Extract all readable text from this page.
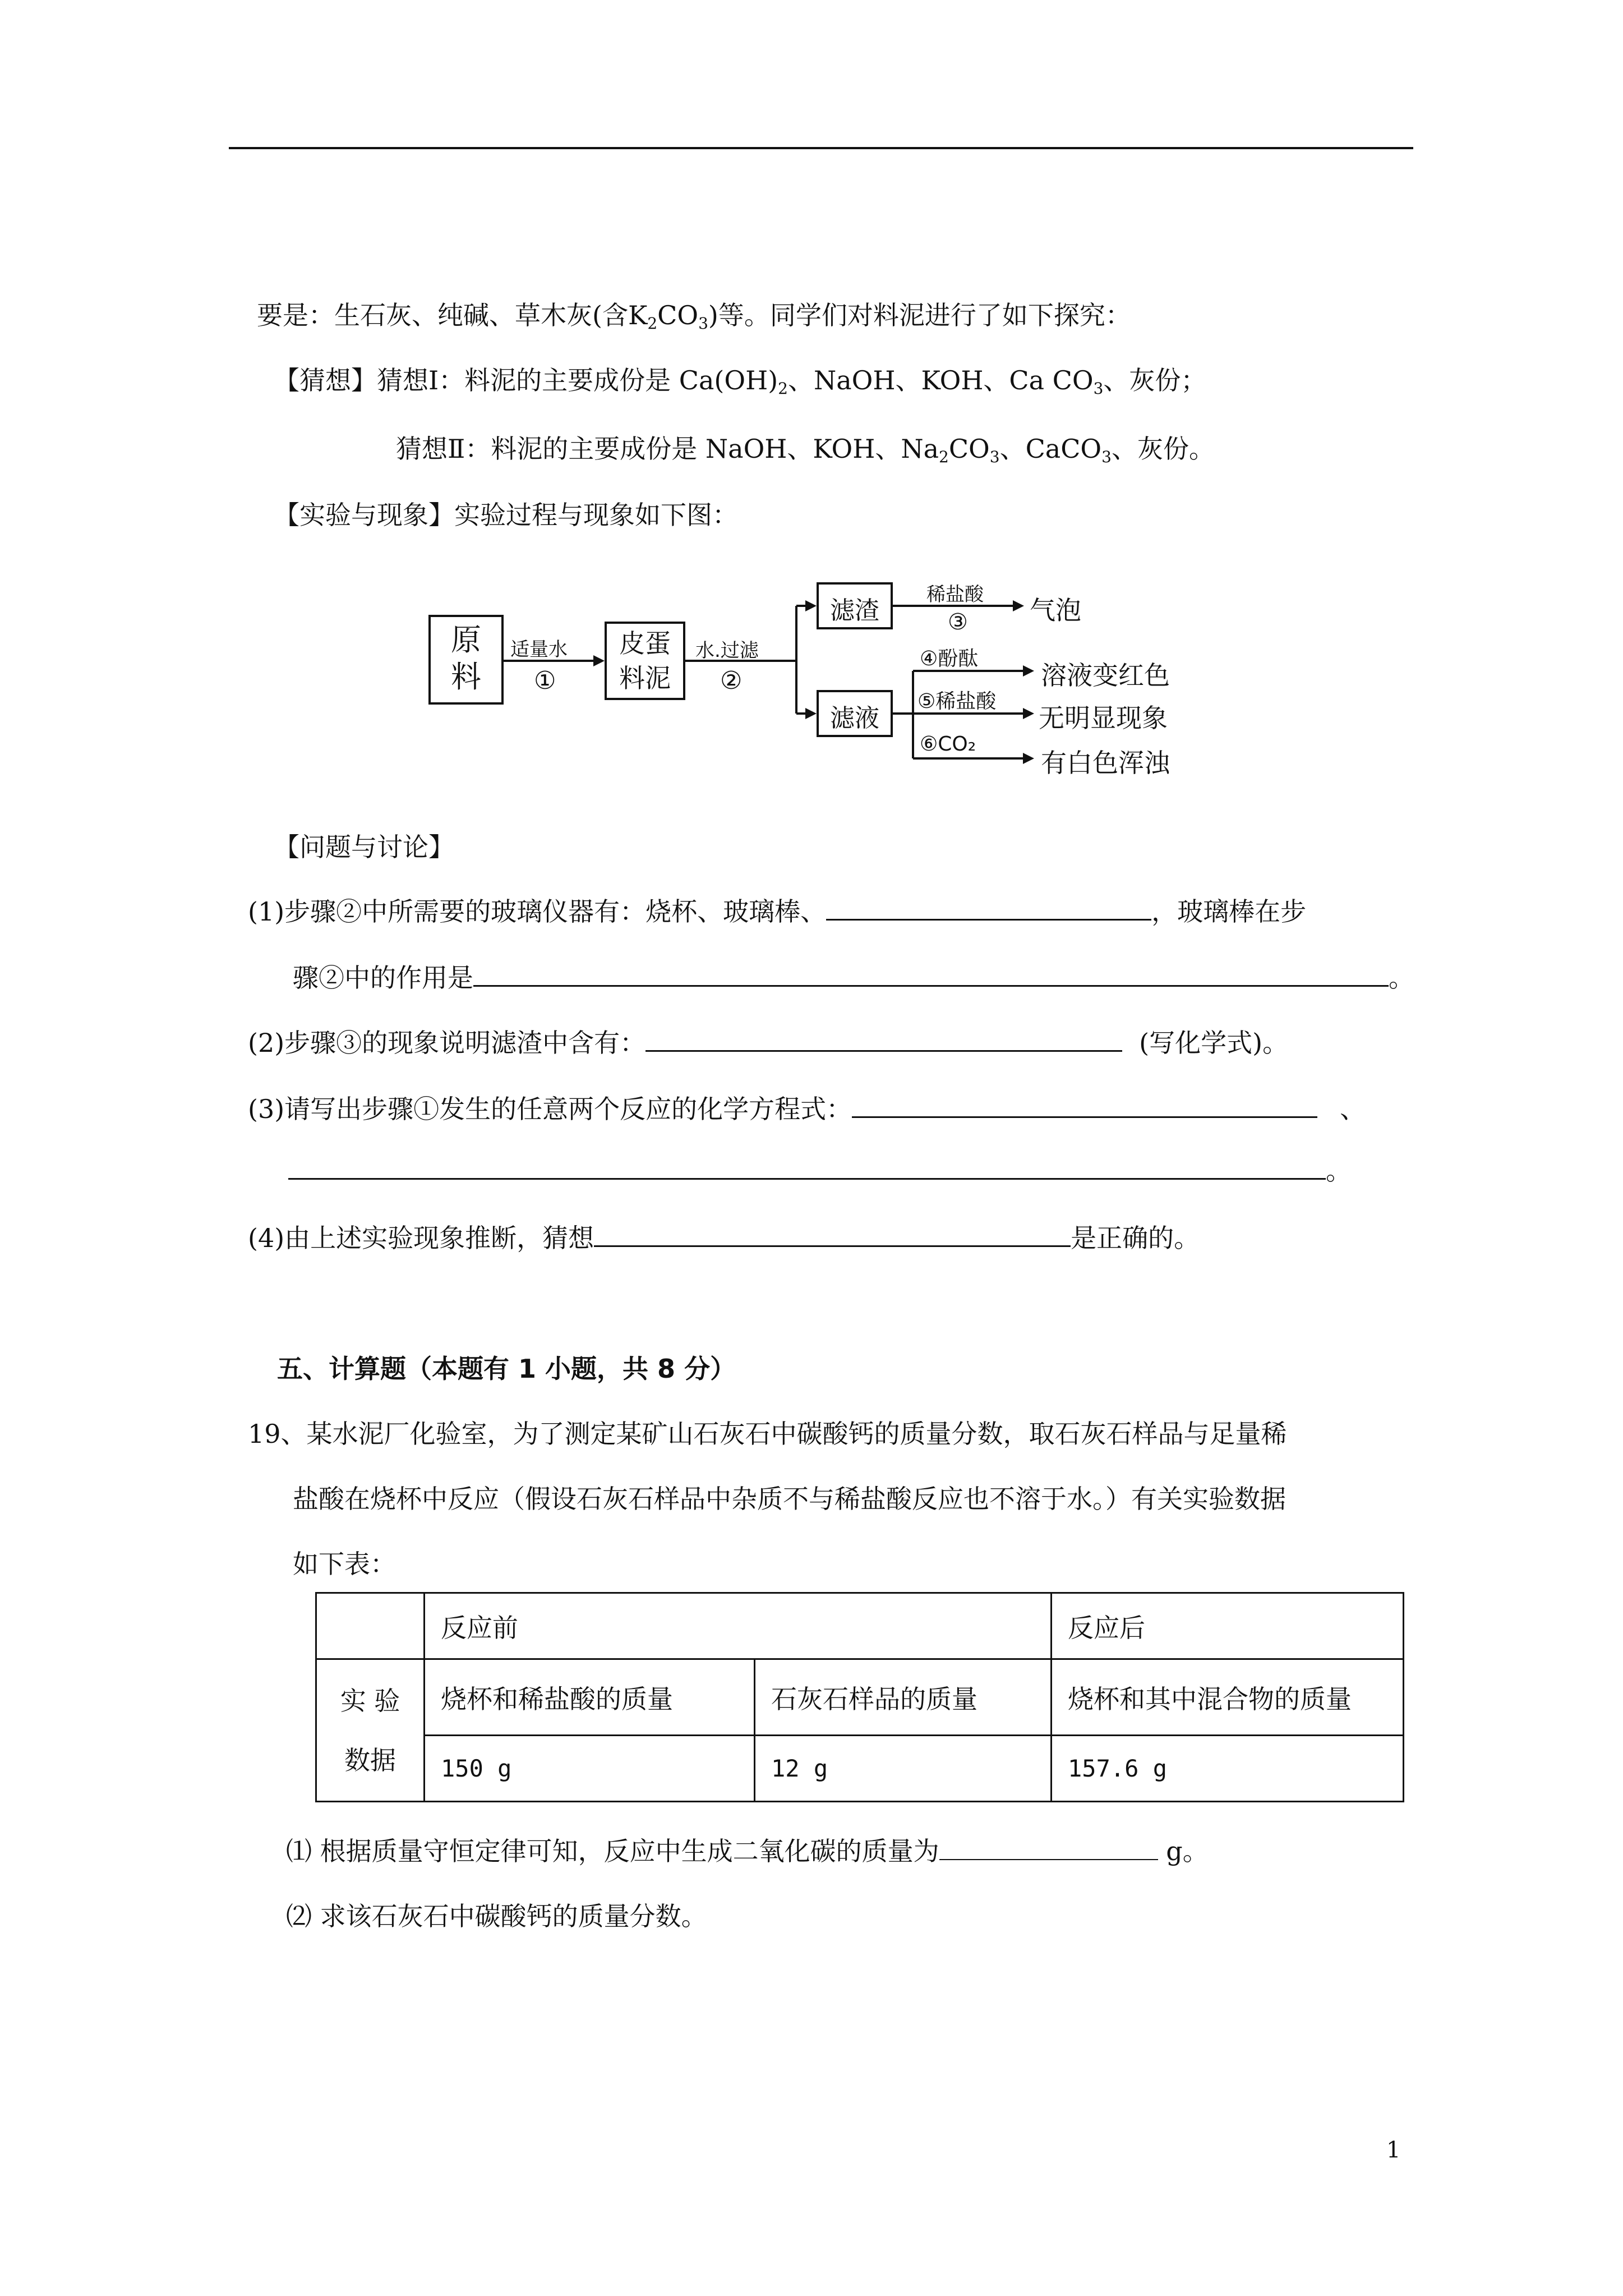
要是：生石灰、纯碱、草木灰(含$K_2CO_3$)等。同学们对料泥进行了如下探究：
【猜想】猜想Ⅰ：料泥的主要成份是 $Ca(OH)_2$、NaOH、KOH、Ca $CO_3$、灰份；
猜想Ⅱ：料泥的主要成份是 NaOH、KOH、$Na_2CO_3$、CaCO$_3$、灰份。
【实验与现象】实验过程与现象如下图：
原
料
适量水
①
皮蛋
料泥
水.过滤
②
滤渣
滤液
稀盐酸
③ 气泡
④酚酞
溶液变红色
⑤稀盐酸
无明显现象
⑥CO₂
有白色浑浊
【问题与讨论】
(1)步骤②中所需要的玻璃仪器有：烧杯、玻璃棒、	，玻璃棒在步
骤②中的作用是	。
(2)步骤③的现象说明滤渣中含有：	(写化学式)。
(3)请写出步骤①发生的任意两个反应的化学方程式：	、
。
(4)由上述实验现象推断，猜想	是正确的。
五、计算题（本题有 1 小题，共 8 分）
19、某水泥厂化验室，为了测定某矿山石灰石中碳酸钙的质量分数，取石灰石样品与足量稀
盐酸在烧杯中反应（假设石灰石样品中杂质不与稀盐酸反应也不溶于水。）有关实验数据
如下表：
	反应前		反应后

实 验
数据	烧杯和稀盐酸的质量	石灰石样品的质量	烧杯和其中混合物的质量
	150 g	12 g	157.6 g
⑴ 根据质量守恒定律可知，反应中生成二氧化碳的质量为	g。
⑵ 求该石灰石中碳酸钙的质量分数。
1
